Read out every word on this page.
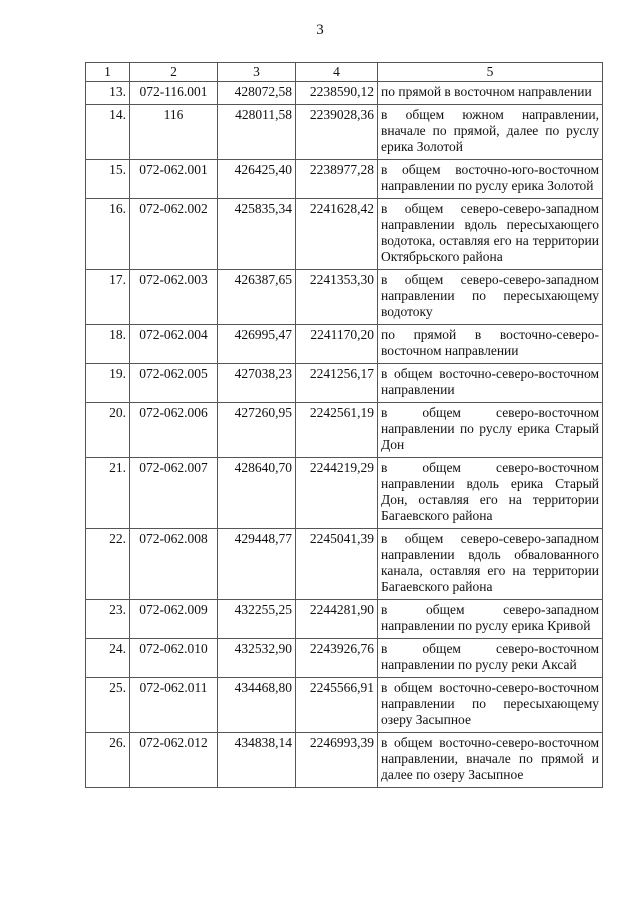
3
1	2	3	4	5
13.	072-116.001	428072,58	2238590,12	по прямой в восточном направлении
14.	116	428011,58	2239028,36	в общем южном направлении, вначале по прямой, далее по руслу ерика Золотой
15.	072-062.001	426425,40	2238977,28	в общем восточно-юго-восточном направлении по руслу ерика Золотой
16.	072-062.002	425835,34	2241628,42	в общем северо-северо-западном направлении вдоль пересыхающего водотока, оставляя его на территории Октябрьского района
17.	072-062.003	426387,65	2241353,30	в общем северо-северо-западном направлении по пересыхающему водотоку
18.	072-062.004	426995,47	2241170,20	по прямой в восточно-северо-восточном направлении
19.	072-062.005	427038,23	2241256,17	в общем восточно-северо-восточном направлении
20.	072-062.006	427260,95	2242561,19	в общем северо-восточном направлении по руслу ерика Старый Дон
21.	072-062.007	428640,70	2244219,29	в общем северо-восточном направлении вдоль ерика Старый Дон, оставляя его на территории Багаевского района
22.	072-062.008	429448,77	2245041,39	в общем северо-северо-западном направлении вдоль обвалованного канала, оставляя его на территории Багаевского района
23.	072-062.009	432255,25	2244281,90	в общем северо-западном направлении по руслу ерика Кривой
24.	072-062.010	432532,90	2243926,76	в общем северо-восточном направлении по руслу реки Аксай
25.	072-062.011	434468,80	2245566,91	в общем восточно-северо-восточном направлении по пересыхающему озеру Засыпное
26.	072-062.012	434838,14	2246993,39	в общем восточно-северо-восточном направлении, вначале по прямой и далее по озеру Засыпное
